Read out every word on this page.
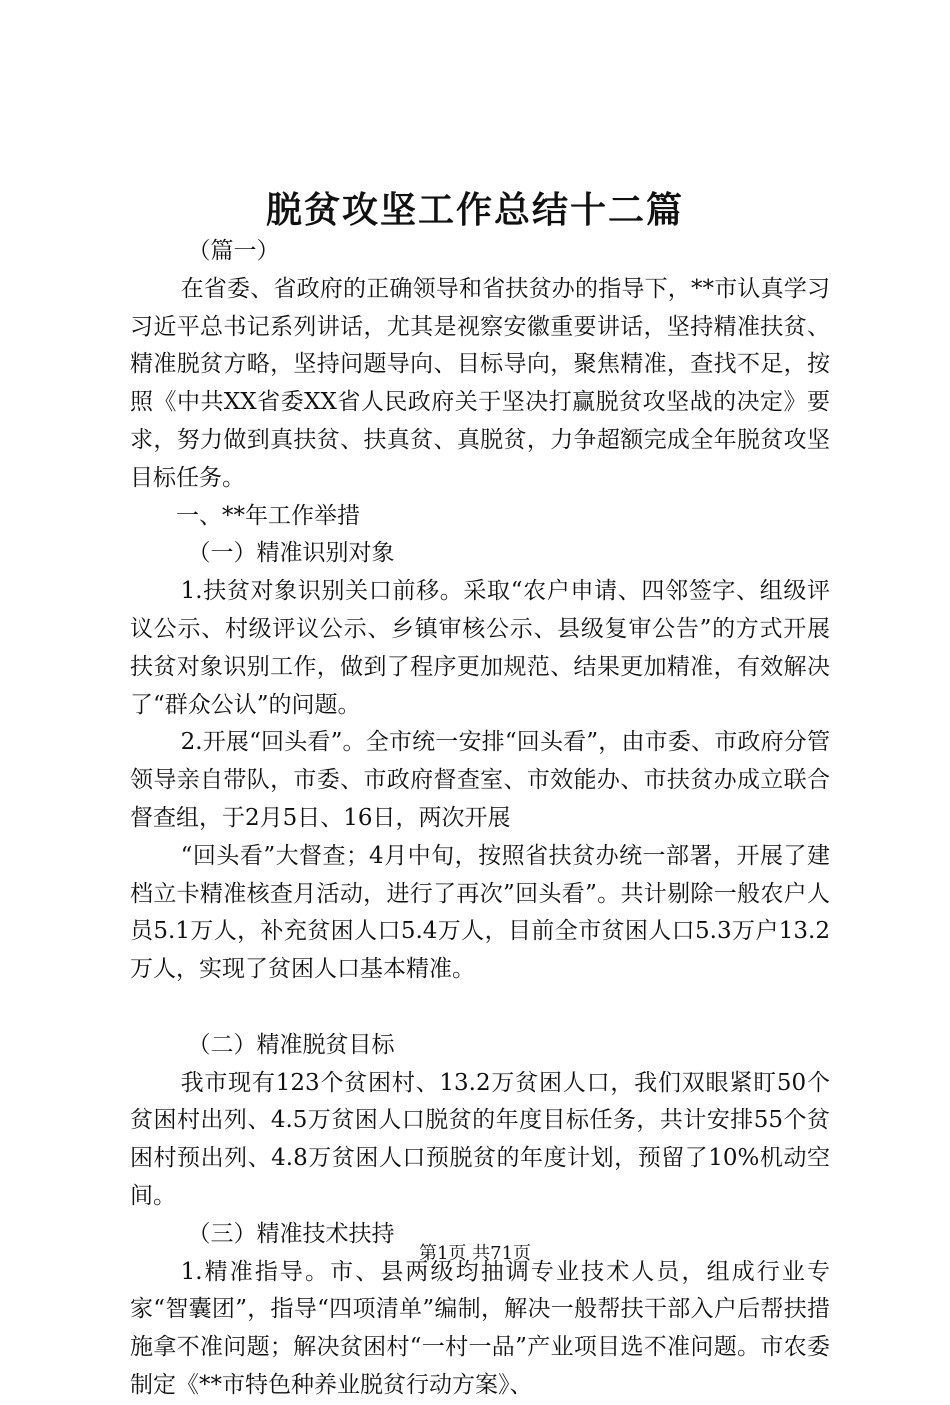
脱贫攻坚工作总结十二篇

（篇一）

在省委、省政府的正确领导和省扶贫办的指导下，**市认真学习习近平总书记系列讲话，尤其是视察安徽重要讲话，坚持精准扶贫、精准脱贫方略，坚持问题导向、目标导向，聚焦精准，查找不足，按照《中共XX省委XX省人民政府关于坚决打赢脱贫攻坚战的决定》要求，努力做到真扶贫、扶真贫、真脱贫，力争超额完成全年脱贫攻坚目标任务。

一、**年工作举措

（一）精准识别对象

1.扶贫对象识别关口前移。采取“农户申请、四邻签字、组级评议公示、村级评议公示、乡镇审核公示、县级复审公告”的方式开展扶贫对象识别工作，做到了程序更加规范、结果更加精准，有效解决了“群众公认”的问题。

2.开展“回头看”。全市统一安排“回头看”，由市委、市政府分管领导亲自带队，市委、市政府督查室、市效能办、市扶贫办成立联合督查组，于2月5日、16日，两次开展

“回头看”大督查；4月中旬，按照省扶贫办统一部署，开展了建档立卡精准核查月活动，进行了再次”回头看”。共计剔除一般农户人员5.1万人，补充贫困人口5.4万人，目前全市贫困人口5.3万户13.2万人，实现了贫困人口基本精准。

（二）精准脱贫目标

我市现有123个贫困村、13.2万贫困人口，我们双眼紧盯50个贫困村出列、4.5万贫困人口脱贫的年度目标任务，共计安排55个贫困村预出列、4.8万贫困人口预脱贫的年度计划，预留了10%机动空间。

（三）精准技术扶持

1.精准指导。市、县两级均抽调专业技术人员，组成行业专家“智囊团”，指导“四项清单”编制，解决一般帮扶干部入户后帮扶措施拿不准问题；解决贫困村“一村一品”产业项目选不准问题。市农委制定《**市特色种养业脱贫行动方案》、

第1页 共71页
